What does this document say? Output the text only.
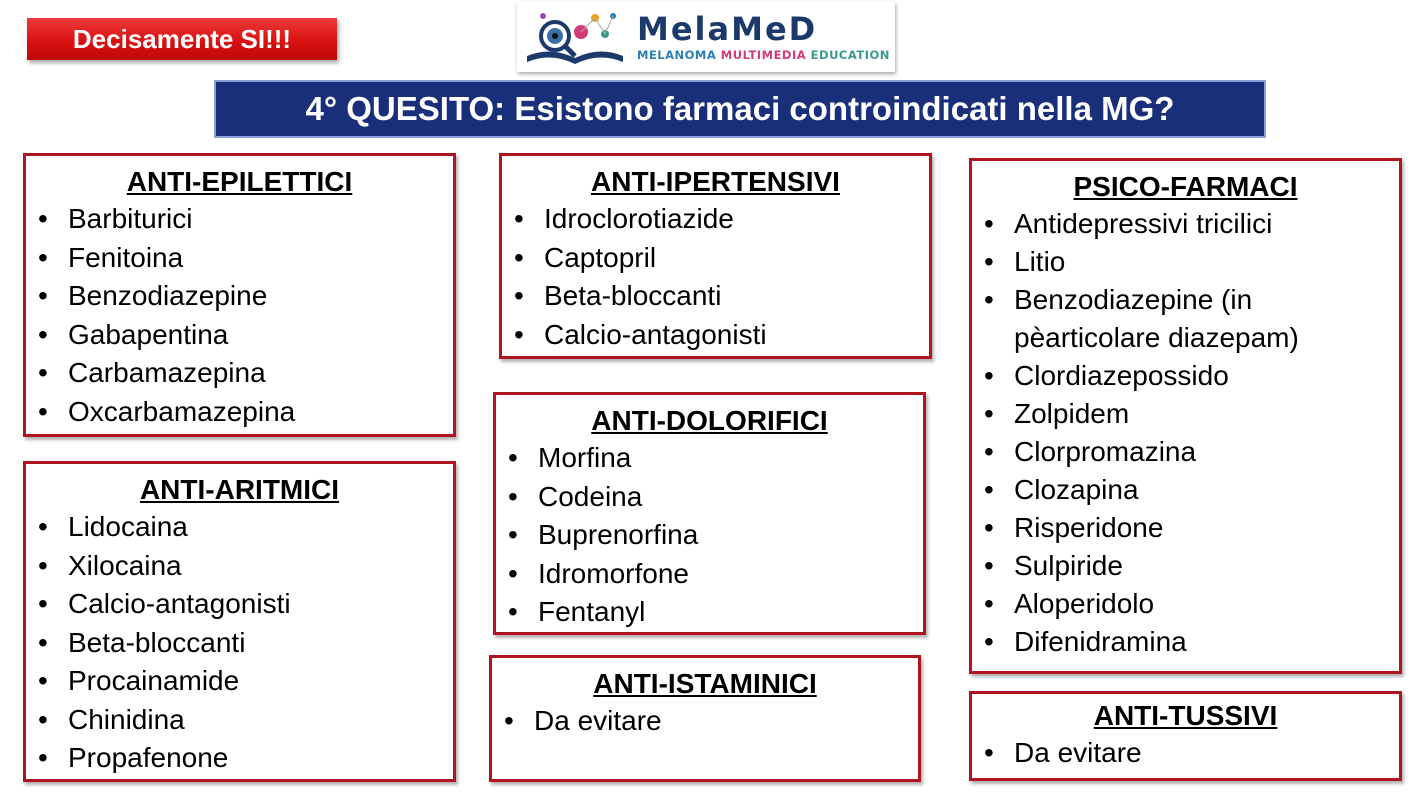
Decisamente SI!!!	MelaMeD
MELANOMA MULTIMEDIA EDUCATION
4° QUESITO: Esistono farmaci controindicati nella MG?
ANTI-EPILETTICI
• Barbiturici
• Fenitoina
• Benzodiazepine
• Gabapentina
• Carbamazepina
• Oxcarbamazepina
ANTI-ARITMICI
• Lidocaina
• Xilocaina
• Calcio-antagonisti
• Beta-bloccanti
• Procainamide
• Chinidina
• Propafenone
ANTI-IPERTENSIVI
• Idroclorotiazide
• Captopril
• Beta-bloccanti
• Calcio-antagonisti
ANTI-DOLORIFICI
• Morfina
• Codeina
• Buprenorfina
• Idromorfone
• Fentanyl
ANTI-ISTAMINICI
• Da evitare
PSICO-FARMACI
• Antidepressivi tricilici
• Litio
• Benzodiazepine (in pèarticolare diazepam)
• Clordiazepossido
• Zolpidem
• Clorpromazina
• Clozapina
• Risperidone
• Sulpiride
• Aloperidolo
• Difenidramina
ANTI-TUSSIVI
• Da evitare
